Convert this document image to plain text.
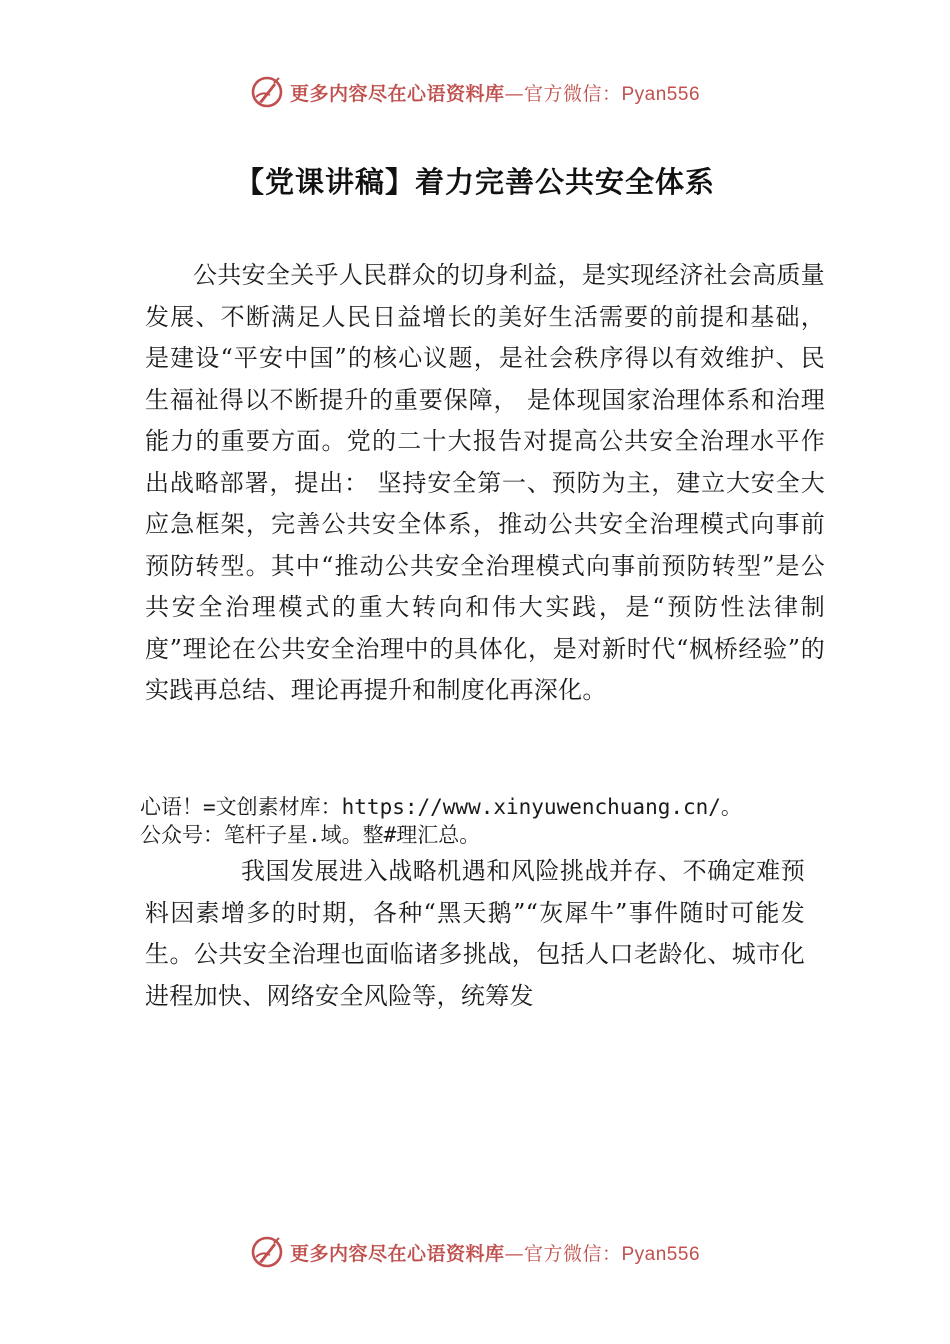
更多内容尽在心语资料库—官方微信：Pyan556
【党课讲稿】着力完善公共安全体系

公共安全关乎人民群众的切身利益，是实现经济社会高质量发展、不断满足人民日益增长的美好生活需要的前提和基础，是建设“平安中国”的核心议题，是社会秩序得以有效维护、民生福祉得以不断提升的重要保障， 是体现国家治理体系和治理能力的重要方面。党的二十大报告对提高公共安全治理水平作出战略部署，提出： 坚持安全第一、预防为主，建立大安全大应急框架，完善公共安全体系，推动公共安全治理模式向事前预防转型。其中“推动公共安全治理模式向事前预防转型”是公共安全治理模式的重大转向和伟大实践，是“预防性法律制度”理论在公共安全治理中的具体化，是对新时代“枫桥经验”的实践再总结、理论再提升和制度化再深化。

心语！=文创素材库：https://www.xinyuwenchuang.cn/。
公众号：笔杆子星.域。整#理汇总。

我国发展进入战略机遇和风险挑战并存、不确定难预料因素增多的时期，各种“黑天鹅”“灰犀牛”事件随时可能发生。公共安全治理也面临诸多挑战，包括人口老龄化、城市化进程加快、网络安全风险等，统筹发

更多内容尽在心语资料库—官方微信：Pyan556
